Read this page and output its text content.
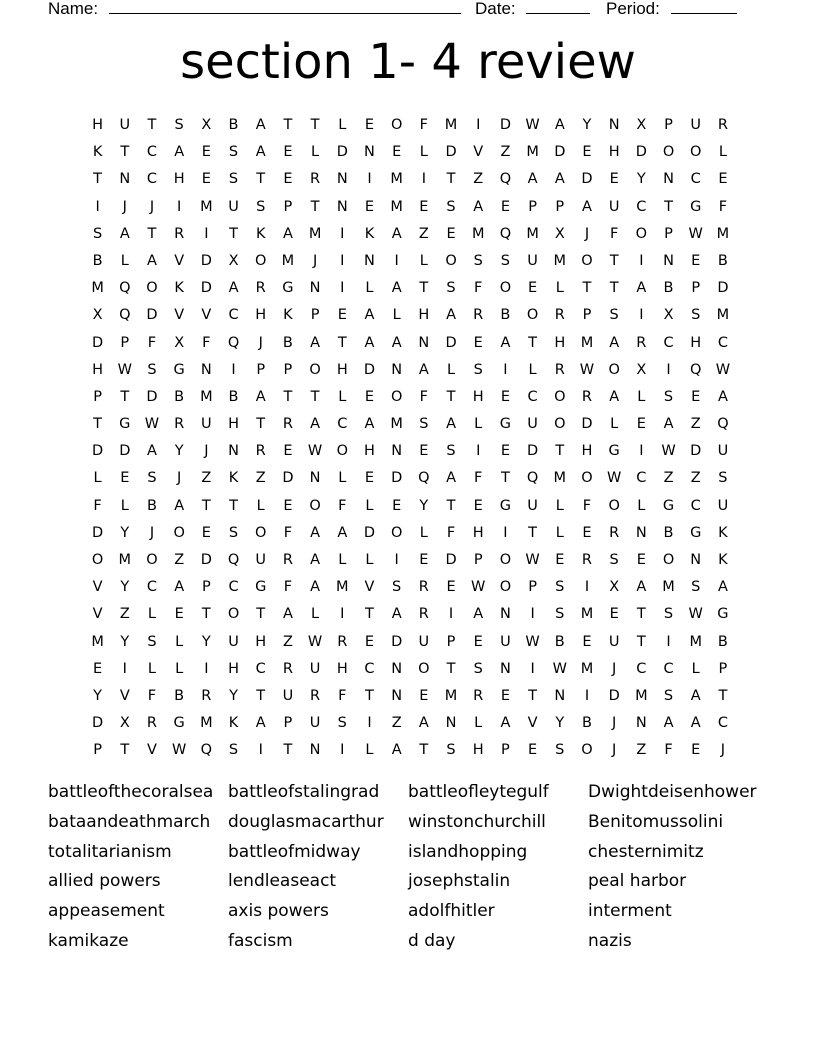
Name:	Date:	Period:
section 1- 4 review
H	U	T	S	X	B	A	T	T	L	E	O	F	M	I	D W	A	Y	N	X	P	U	R
K	T	C	A	E	S	A	E	L	D	N	E	L	D	V	Z	M	D	E	H	D	O	O	L
T	N	C	H	E	S	T	E	R	N	I	M	I	T	Z	Q	A	A	D	E	Y	N	C	E
I	J	J	I	M	U	S	P	T	N	E	M	E	S	A	E	P	P	A	U	C	T	G	F
S	A	T	R	I	T	K	A	M	I	K	A	Z	E	M	Q	M	X	J	F	O	P	W M
B	L	A	V	D	X	O	M	J	I	N	I	L	O	S	S	U	M	O	T	I	N	E	B
M	Q	O	K	D	A	R	G	N	I	L	A	T	S	F	O	E	L	T	T	A	B	P	D
X	Q	D	V	V	C	H	K	P	E	A	L	H	A	R	B	O	R	P	S	I	X	S	M
D	P	F	X	F	Q	J	B	A	T	A	A	N	D	E	A	T	H	M	A	R	C	H	C
H	W	S	G	N	I	P	P	O	H	D	N	A	L	S	I	L	R	W O	X	I	Q W
P	T	D	B	M	B	A	T	T	L	E	O	F	T	H	E	C	O	R	A	L	S	E	A
T	G W	R	U	H	T	R	A	C	A	M	S	A	L	G	U	O	D	L	E	A	Z	Q
D	D	A	Y	J	N	R	E	W O	H	N	E	S	I	E	D	T	H	G	I	W D	U
L	E	S	J	Z	K	Z	D	N	L	E	D	Q	A	F	T	Q	M	O W	C	Z	Z	S
F	L	B	A	T	T	L	E	O	F	L	E	Y	T	E	G	U	L	F	O	L	G	C	U
D	Y	J	O	E	S	O	F	A	A	D	O	L	F	H	I	T	L	E	R	N	B	G	K
O	M	O	Z	D	Q	U	R	A	L	L	I	E	D	P	O W	E	R	S	E	O	N	K
V	Y	C	A	P	C	G	F	A	M	V	S	R	E	W O	P	S	I	X	A	M	S	A
V	Z	L	E	T	O	T	A	L	I	T	A	R	I	A	N	I	S	M	E	T	S	W G
M	Y	S	L	Y	U	H	Z	W	R	E	D	U	P	E	U	W	B	E	U	T	I	M	B
E	I	L	L	I	H	C	R	U	H	C	N	O	T	S	N	I	W M	J	C	C	L	P
Y	V	F	B	R	Y	T	U	R	F	T	N	E	M	R	E	T	N	I	D	M	S	A	T
D	X	R	G	M	K	A	P	U	S	I	Z	A	N	L	A	V	Y	B	J	N	A	A	C
P	T	V	W Q	S	I	T	N	I	L	A	T	S	H	P	E	S	O	J	Z	F	E	J
battleofthecoralsea battleofstalingrad	battleofleytegulf	Dwightdeisenhower
bataandeathmarch	douglasmacarthur	winstonchurchill	Benitomussolini
totalitarianism	battleofmidway	islandhopping	chesternimitz
allied powers	lendleaseact	josephstalin	peal harbor
appeasement	axis powers	adolfhitler	interment
kamikaze	fascism	d day	nazis
